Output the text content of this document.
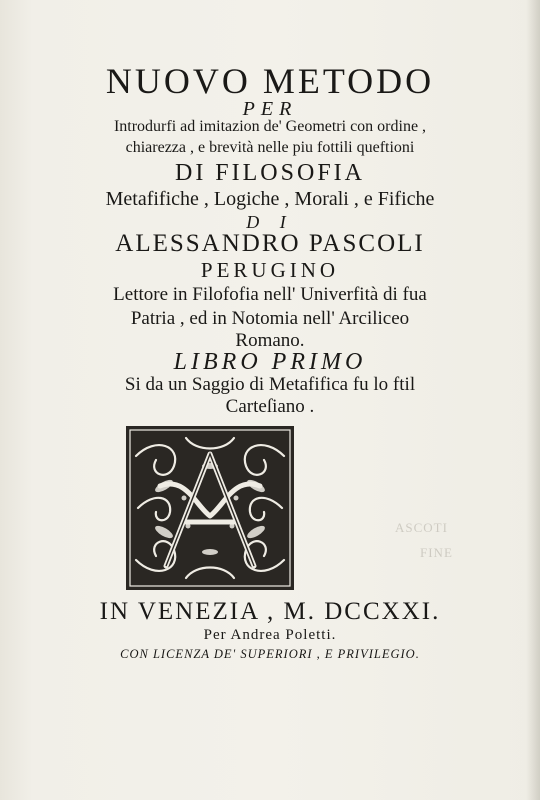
ASCOTI
FINE
NUOVO METODO
PER
Introdurfi ad imitazion de' Geometri con ordine ,
chiarezza , e brevità nelle piu fottili queftioni
DI FILOSOFIA
Metafifiche , Logiche , Morali , e Fifiche
D I
ALESSANDRO PASCOLI
PERUGINO
Lettore in Filofofia nell' Univerfità di fua
Patria , ed in Notomia nell' Arciliceo
Romano.
LIBRO PRIMO
Si da un Saggio di Metafifica fu lo ftil
Carteſiano .
IN VENEZIA , M. DCCXXI.
Per Andrea Poletti.
CON LICENZA DE' SUPERIORI , E PRIVILEGIO.
